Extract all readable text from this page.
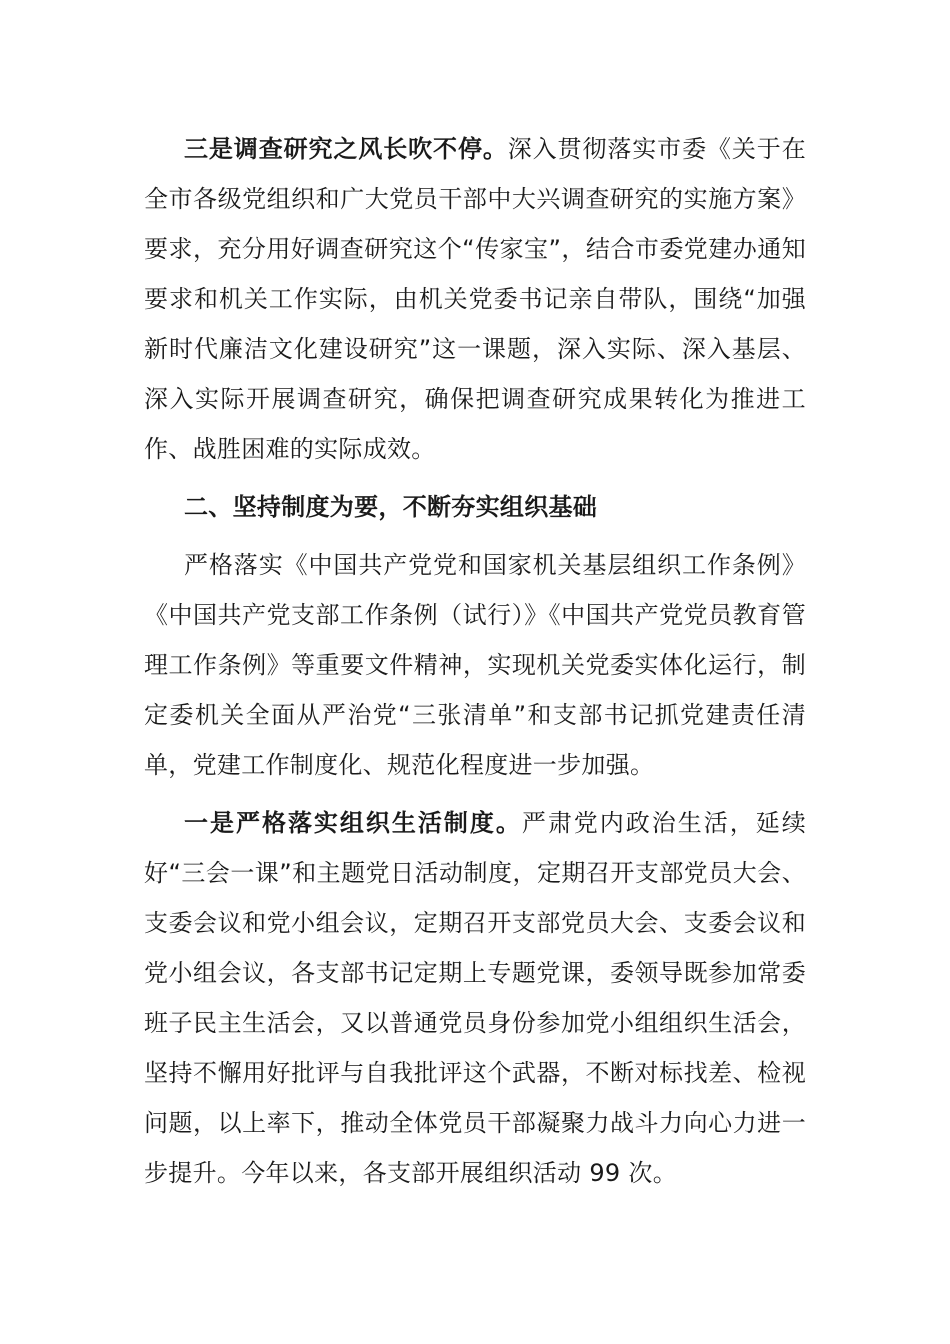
三是调查研究之风长吹不停。深入贯彻落实市委《关于在全市各级党组织和广大党员干部中大兴调查研究的实施方案》要求，充分用好调查研究这个“传家宝”，结合市委党建办通知要求和机关工作实际，由机关党委书记亲自带队，围绕“加强新时代廉洁文化建设研究”这一课题，深入实际、深入基层、深入实际开展调查研究，确保把调查研究成果转化为推进工作、战胜困难的实际成效。

二、坚持制度为要，不断夯实组织基础

严格落实《中国共产党党和国家机关基层组织工作条例》《中国共产党支部工作条例（试行）》《中国共产党党员教育管理工作条例》等重要文件精神，实现机关党委实体化运行，制定委机关全面从严治党“三张清单”和支部书记抓党建责任清单，党建工作制度化、规范化程度进一步加强。

一是严格落实组织生活制度。严肃党内政治生活，延续好“三会一课”和主题党日活动制度，定期召开支部党员大会、支委会议和党小组会议，定期召开支部党员大会、支委会议和党小组会议，各支部书记定期上专题党课，委领导既参加常委班子民主生活会，又以普通党员身份参加党小组组织生活会，坚持不懈用好批评与自我批评这个武器，不断对标找差、检视问题，以上率下，推动全体党员干部凝聚力战斗力向心力进一步提升。今年以来，各支部开展组织活动 99 次。
